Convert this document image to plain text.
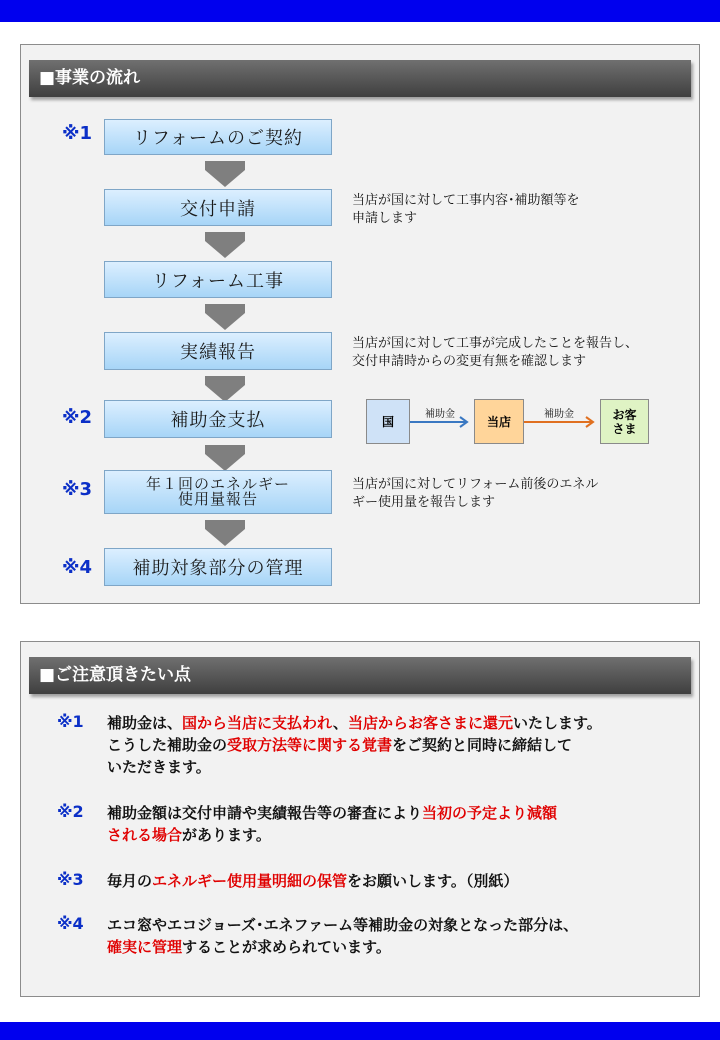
■事業の流れ
※1	リフォームのご契約
交付申請	当店が国に対して工事内容･補助額等を
申請します
リフォーム工事
実績報告	当店が国に対して工事が完成したことを報告し、
交付申請時からの変更有無を確認します
※2	補助金支払	国	補助金	当店	補助金	お客
さま
※3	年１回のエネルギー
使用量報告
当店が国に対してリフォーム前後のエネル
ギー使用量を報告します
※4	補助対象部分の管理
■ご注意頂きたい点
※1 補助金は、国から当店に支払われ、当店からお客さまに還元いたします。
こうした補助金の受取方法等に関する覚書をご契約と同時に締結して
いただきます。
※2 補助金額は交付申請や実績報告等の審査により当初の予定より減額
される場合があります。
※3 毎月のエネルギー使用量明細の保管をお願いします。（別紙）
※4 エコ窓やエコジョーズ･エネファーム等補助金の対象となった部分は、
確実に管理することが求められています。
